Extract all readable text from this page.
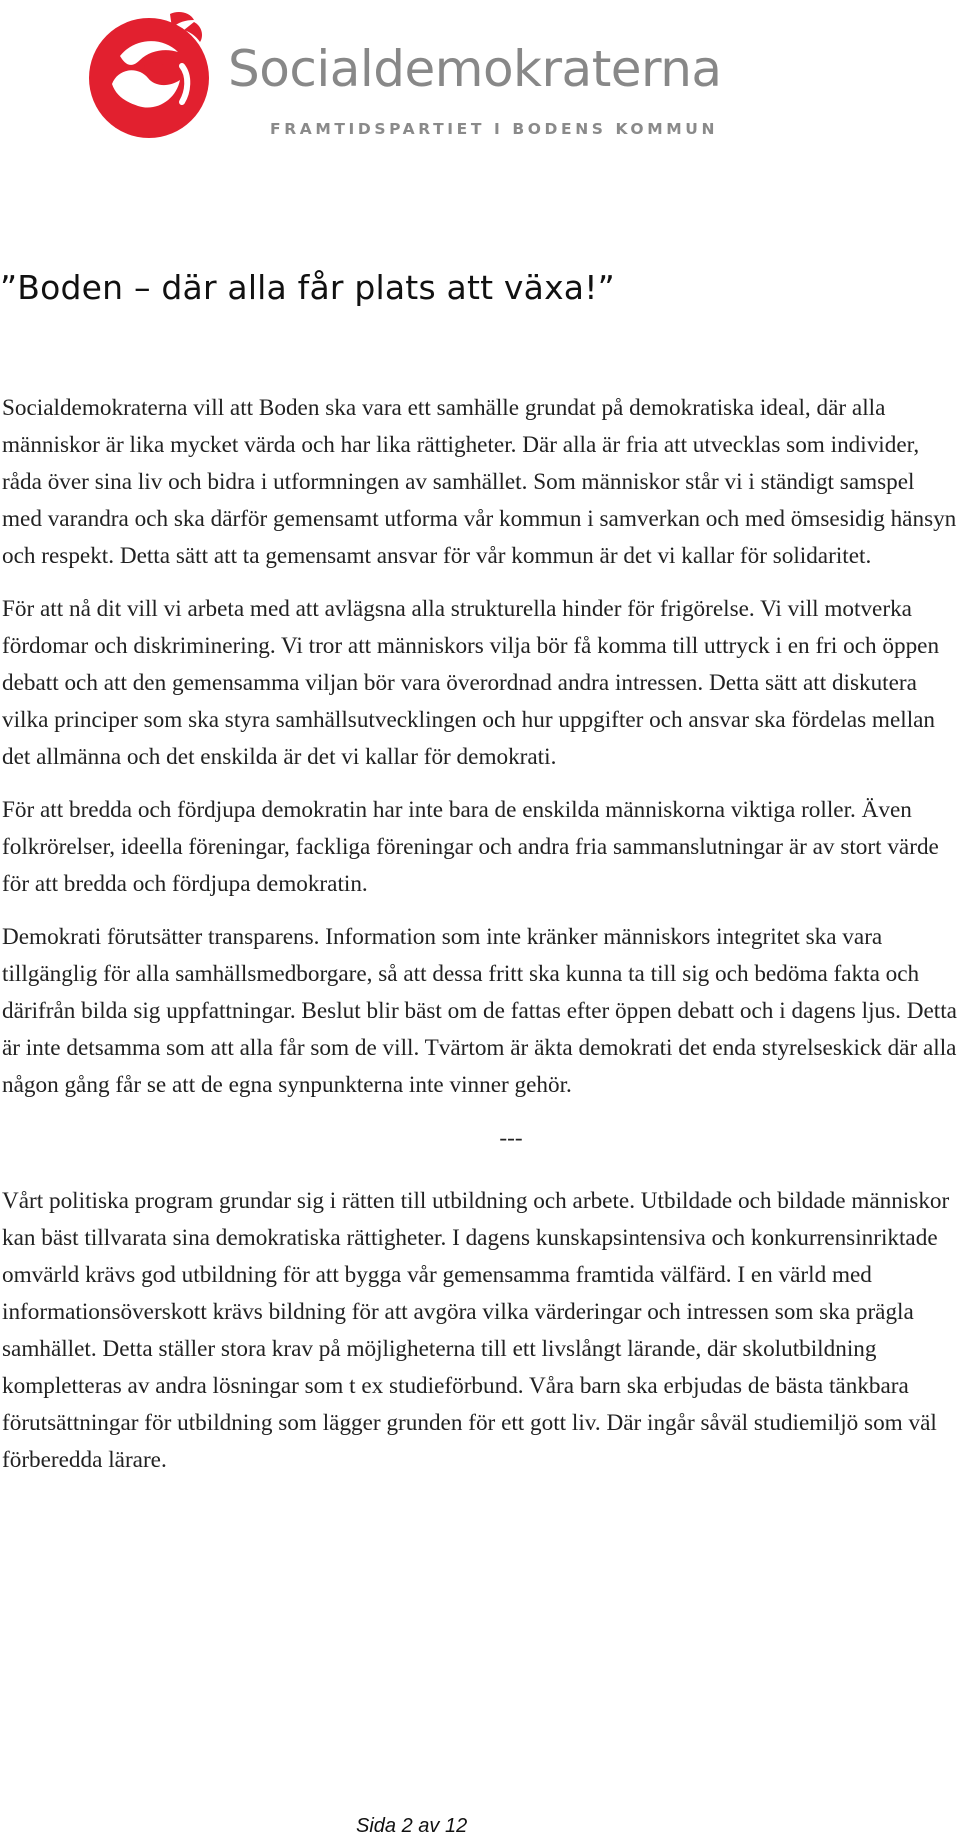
Socialdemokraterna
FRAMTIDSPARTIET I BODENS KOMMUN
”Boden – där alla får plats att växa!”

Socialdemokraterna vill att Boden ska vara ett samhälle grundat på demokratiska ideal, där alla människor är lika mycket värda och har lika rättigheter. Där alla är fria att utvecklas som individer, råda över sina liv och bidra i utformningen av samhället. Som människor står vi i ständigt samspel med varandra och ska därför gemensamt utforma vår kommun i samverkan och med ömsesidig hänsyn och respekt. Detta sätt att ta gemensamt ansvar för vår kommun är det vi kallar för solidaritet.

För att nå dit vill vi arbeta med att avlägsna alla strukturella hinder för frigörelse. Vi vill motverka fördomar och diskriminering. Vi tror att människors vilja bör få komma till uttryck i en fri och öppen debatt och att den gemensamma viljan bör vara överordnad andra intressen. Detta sätt att diskutera vilka principer som ska styra samhällsutvecklingen och hur uppgifter och ansvar ska fördelas mellan det allmänna och det enskilda är det vi kallar för demokrati.

För att bredda och fördjupa demokratin har inte bara de enskilda människorna viktiga roller. Även folkrörelser, ideella föreningar, fackliga föreningar och andra fria sammanslutningar är av stort värde för att bredda och fördjupa demokratin.

Demokrati förutsätter transparens. Information som inte kränker människors integritet ska vara tillgänglig för alla samhällsmedborgare, så att dessa fritt ska kunna ta till sig och bedöma fakta och därifrån bilda sig uppfattningar. Beslut blir bäst om de fattas efter öppen debatt och i dagens ljus. Detta är inte detsamma som att alla får som de vill. Tvärtom är äkta demokrati det enda styrelseskick där alla någon gång får se att de egna synpunkterna inte vinner gehör.

---

Vårt politiska program grundar sig i rätten till utbildning och arbete. Utbildade och bildade människor kan bäst tillvarata sina demokratiska rättigheter. I dagens kunskapsintensiva och konkurrensinriktade omvärld krävs god utbildning för att bygga vår gemensamma framtida välfärd. I en värld med informationsöverskott krävs bildning för att avgöra vilka värderingar och intressen som ska prägla samhället. Detta ställer stora krav på möjligheterna till ett livslångt lärande, där skolutbildning kompletteras av andra lösningar som t ex studieförbund. Våra barn ska erbjudas de bästa tänkbara förutsättningar för utbildning som lägger grunden för ett gott liv. Där ingår såväl studiemiljö som väl förberedda lärare.

Sida 2 av 12
